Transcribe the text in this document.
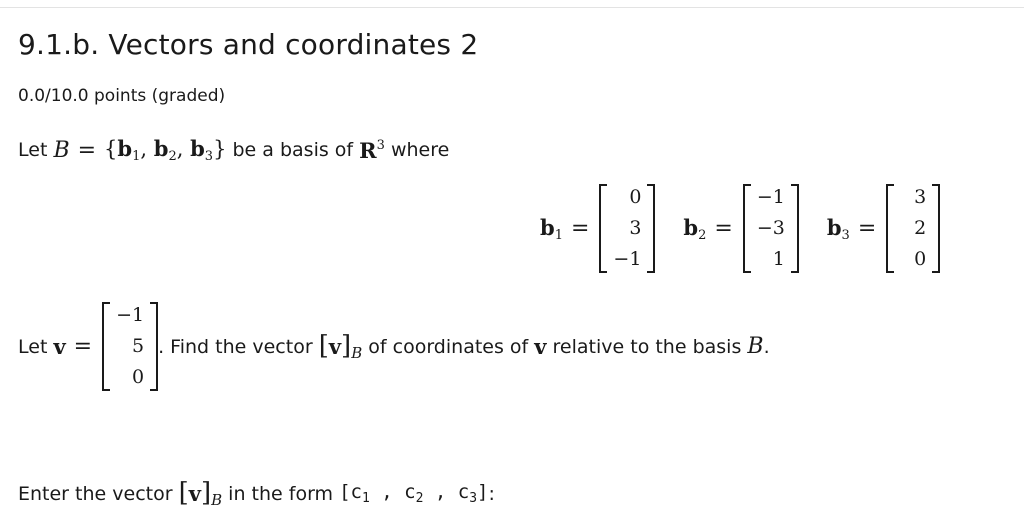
9.1.b. Vectors and coordinates 2
0.0/10.0 points (graded)
Let
$B = \{b_1$, $b_2$, $b_3$}
be a basis of
$R^3$
where
$b_1$ =
0
3
−1
$b_2$ =
−1
−3
1
$b_3$ =
3
2
0
Let
v =
−1
5
0
. Find the vector
$[v]_B$
of coordinates of
v
relative to the basis
B .
Enter the vector
$[v]_B$
in the form
[$c_1$ , $c_2$ , $c_3$] :
